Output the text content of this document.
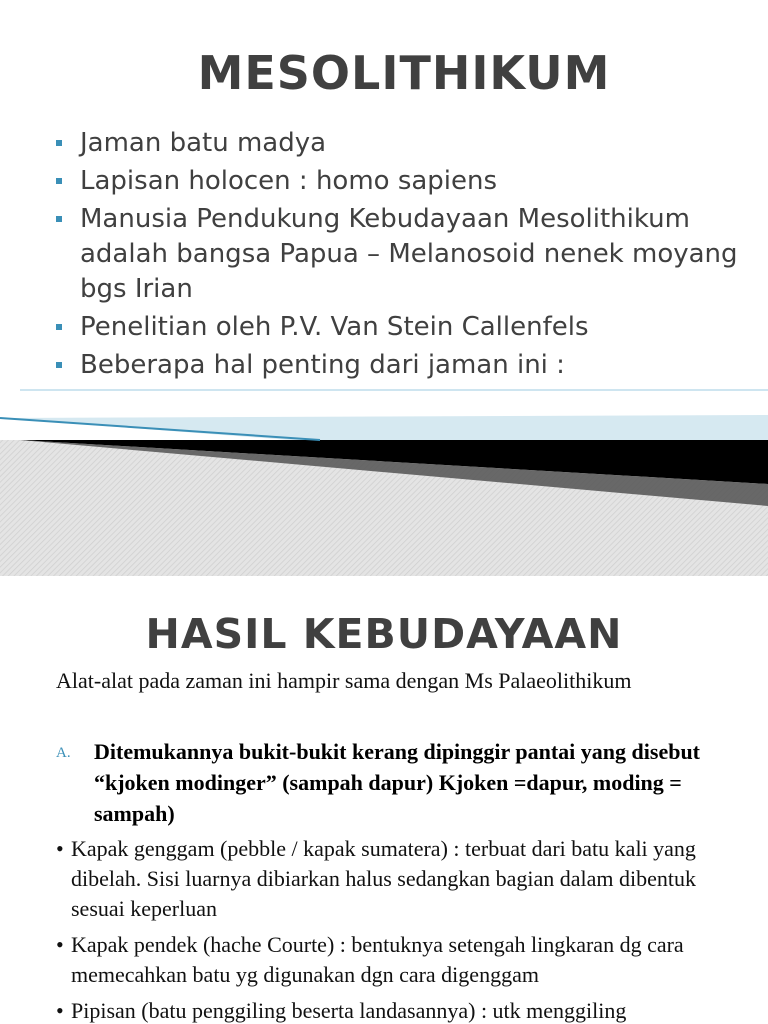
MESOLITHIKUM
Jaman batu madya
Lapisan holocen : homo sapiens
Manusia Pendukung Kebudayaan Mesolithikum adalah bangsa Papua – Melanosoid nenek moyang bgs Irian
Penelitian oleh P.V. Van Stein Callenfels
Beberapa hal penting dari jaman ini :
HASIL KEBUDAYAAN
Alat-alat pada zaman ini hampir sama dengan Ms Palaeolithikum
A.	Ditemukannya bukit-bukit kerang dipinggir pantai yang disebut “kjoken modinger” (sampah dapur) Kjoken =dapur, moding = sampah)
• Kapak genggam (pebble / kapak sumatera) : terbuat dari batu kali yang dibelah. Sisi luarnya dibiarkan halus sedangkan bagian dalam dibentuk sesuai keperluan
• Kapak pendek (hache Courte) : bentuknya setengah lingkaran dg cara memecahkan batu yg digunakan dgn cara digenggam
• Pipisan (batu penggiling beserta landasannya) : utk menggiling
